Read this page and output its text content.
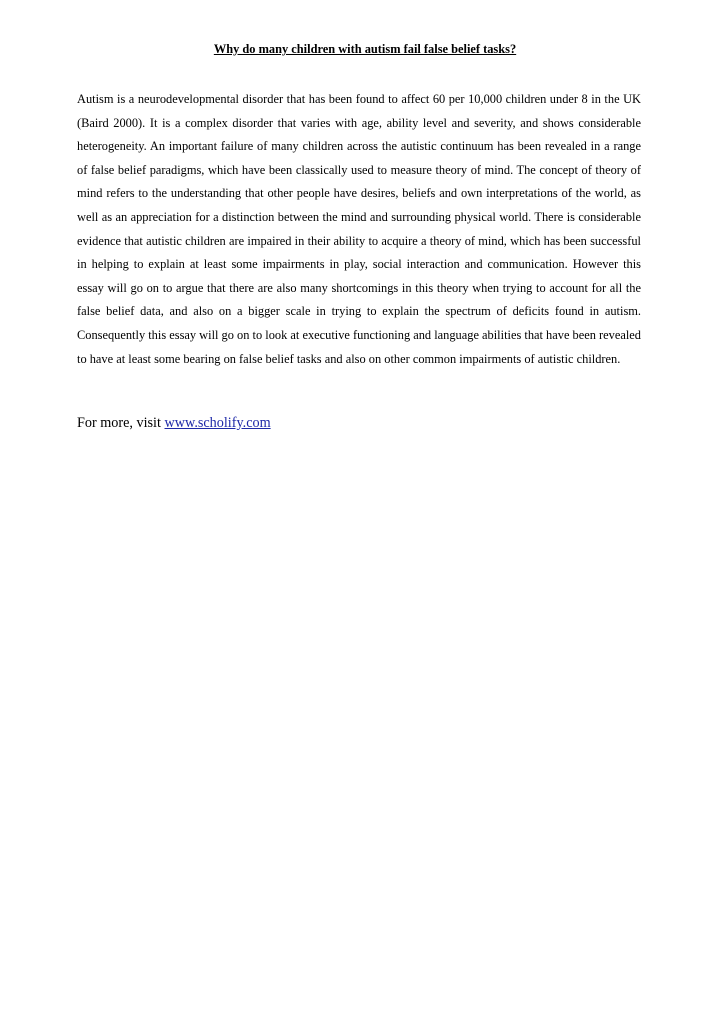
Why do many children with autism fail false belief tasks?

Autism is a neurodevelopmental disorder that has been found to affect 60 per 10,000 children under 8 in the UK (Baird 2000). It is a complex disorder that varies with age, ability level and severity, and shows considerable heterogeneity. An important failure of many children across the autistic continuum has been revealed in a range of false belief paradigms, which have been classically used to measure theory of mind. The concept of theory of mind refers to the understanding that other people have desires, beliefs and own interpretations of the world, as well as an appreciation for a distinction between the mind and surrounding physical world. There is considerable evidence that autistic children are impaired in their ability to acquire a theory of mind, which has been successful in helping to explain at least some impairments in play, social interaction and communication. However this essay will go on to argue that there are also many shortcomings in this theory when trying to account for all the false belief data, and also on a bigger scale in trying to explain the spectrum of deficits found in autism. Consequently this essay will go on to look at executive functioning and language abilities that have been revealed to have at least some bearing on false belief tasks and also on other common impairments of autistic children.

For more, visit www.scholify.com
